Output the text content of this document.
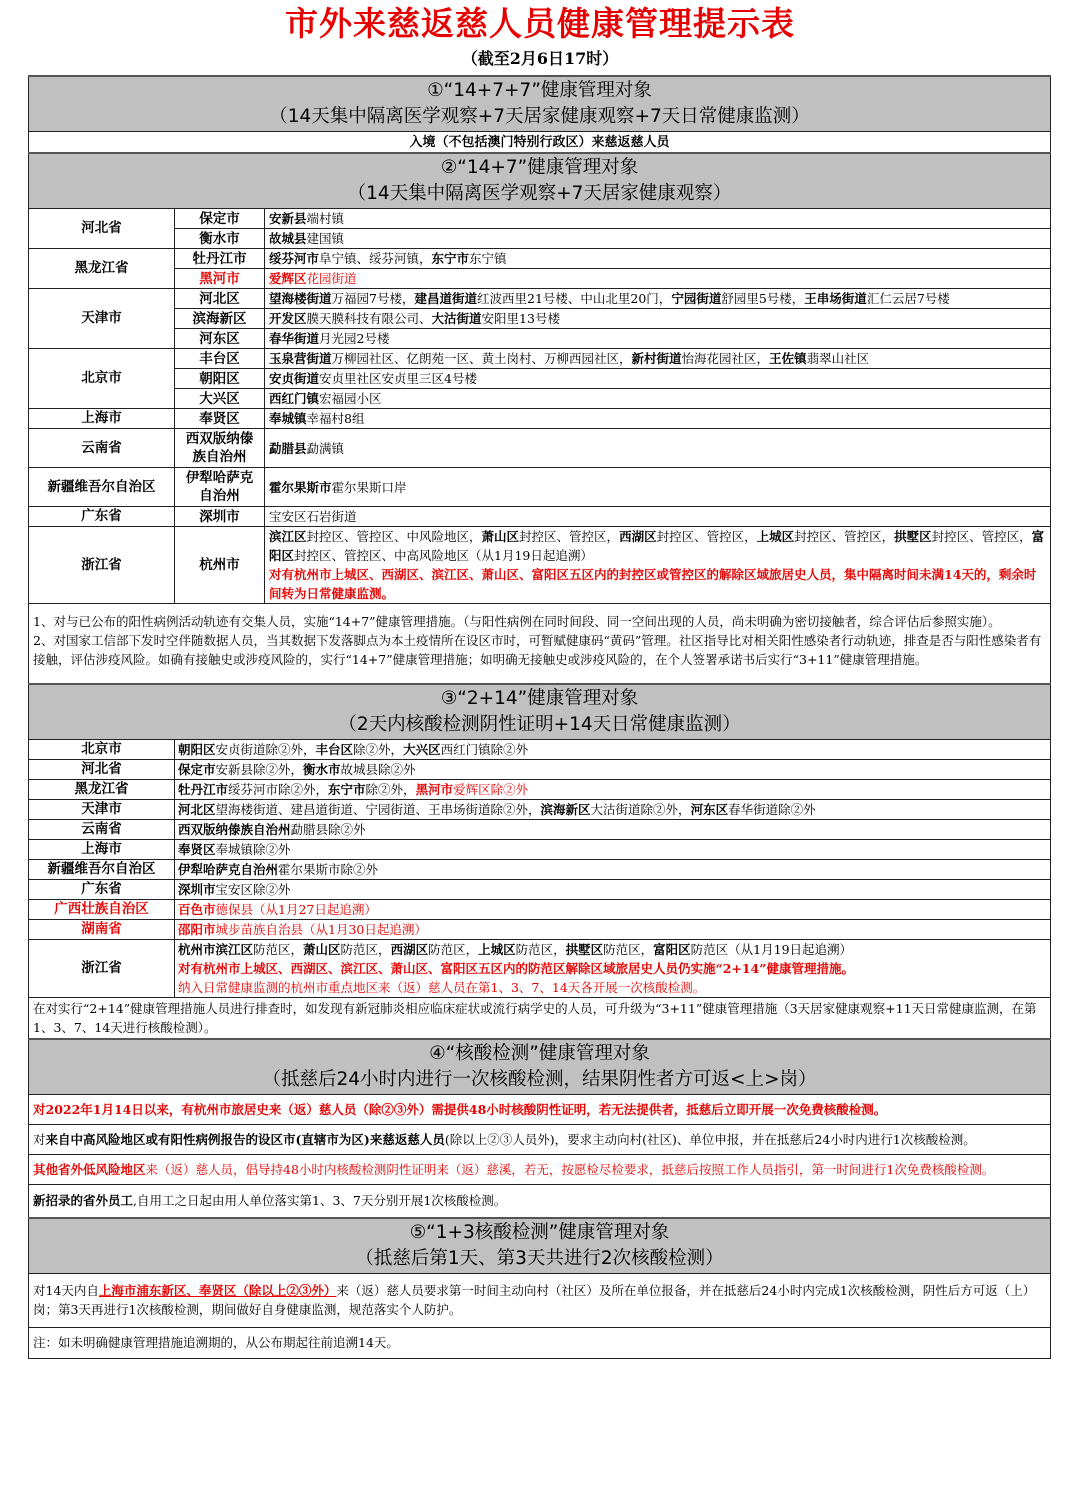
市外来慈返慈人员健康管理提示表
（截至2月6日17时）
①“14+7+7”健康管理对象
（14天集中隔离医学观察+7天居家健康观察+7天日常健康监测）		

入境（不包括澳门特别行政区）来慈返慈人员		

②“14+7”健康管理对象
（14天集中隔离医学观察+7天居家健康观察）		

河北省	保定市	安新县端村镇
	衡水市	故城县建国镇
黑龙江省	牡丹江市	绥芬河市阜宁镇、绥芬河镇，东宁市东宁镇
	黑河市	爱辉区花园街道
天津市	河北区	望海楼街道万福园7号楼，建昌道街道红波西里21号楼、中山北里20门，宁园街道舒园里5号楼，王串场街道汇仁云居7号楼
	滨海新区	开发区膜天膜科技有限公司、大沽街道安阳里13号楼
	河东区	春华街道月光园2号楼
北京市	丰台区	玉泉营街道万柳园社区、亿朗苑一区、黄土岗村、万柳西园社区，新村街道怡海花园社区，王佐镇翡翠山社区
	朝阳区	安贞街道安贞里社区安贞里三区4号楼
	大兴区	西红门镇宏福园小区
上海市	奉贤区	奉城镇幸福村8组
云南省	西双版纳傣族自治州	勐腊县勐满镇
新疆维吾尔自治区	伊犁哈萨克自治州	霍尔果斯市霍尔果斯口岸
广东省	深圳市	宝安区石岩街道
浙江省	杭州市	滨江区封控区、管控区、中风险地区，萧山区封控区、管控区，西湖区封控区、管控区，上城区封控区、管控区，拱墅区封控区、管控区，富阳区封控区、管控区、中高风险地区（从1月19日起追溯）
对有杭州市上城区、西湖区、滨江区、萧山区、富阳区五区内的封控区或管控区的解除区域旅居史人员，集中隔离时间未满14天的，剩余时间转为日常健康监测。

1、对与已公布的阳性病例活动轨迹有交集人员，实施“14+7”健康管理措施。（与阳性病例在同时间段、同一空间出现的人员，尚未明确为密切接触者，综合评估后参照实施）。
2、对国家工信部下发时空伴随数据人员，当其数据下发落脚点为本土疫情所在设区市时，可暂赋健康码“黄码”管理。社区指导比对相关阳性感染者行动轨迹，排查是否与阳性感染者有接触，评估涉疫风险。如确有接触史或涉疫风险的，实行“14+7”健康管理措施；如明确无接触史或涉疫风险的，在个人签署承诺书后实行“3+11”健康管理措施。		

③“2+14”健康管理对象
（2天内核酸检测阴性证明+14天日常健康监测）		

北京市	朝阳区安贞街道除②外，丰台区除②外，大兴区西红门镇除②外	
河北省	保定市安新县除②外，衡水市故城县除②外	
黑龙江省	牡丹江市绥芬河市除②外，东宁市除②外，黑河市爱辉区除②外	
天津市	河北区望海楼街道、建昌道街道、宁园街道、王串场街道除②外，滨海新区大沽街道除②外，河东区春华街道除②外	
云南省	西双版纳傣族自治州勐腊县除②外	
上海市	奉贤区奉城镇除②外	
新疆维吾尔自治区	伊犁哈萨克自治州霍尔果斯市除②外	
广东省	深圳市宝安区除②外	
广西壮族自治区	百色市德保县（从1月27日起追溯）	
湖南省	邵阳市城步苗族自治县（从1月30日起追溯）	
浙江省	杭州市滨江区防范区，萧山区防范区，西湖区防范区，上城区防范区，拱墅区防范区，富阳区防范区（从1月19日起追溯）
对有杭州市上城区、西湖区、滨江区、萧山区、富阳区五区内的防范区解除区域旅居史人员仍实施“2+14”健康管理措施。
纳入日常健康监测的杭州市重点地区来（返）慈人员在第1、3、7、14天各开展一次核酸检测。	

在对实行“2+14”健康管理措施人员进行排查时，如发现有新冠肺炎相应临床症状或流行病学史的人员，可升级为“3+11”健康管理措施（3天居家健康观察+11天日常健康监测，在第1、3、7、14天进行核酸检测）。		

④“核酸检测”健康管理对象
（抵慈后24小时内进行一次核酸检测，结果阴性者方可返<上>岗）		

对2022年1月14日以来，有杭州市旅居史来（返）慈人员（除②③外）需提供48小时核酸阴性证明，若无法提供者，抵慈后立即开展一次免费核酸检测。		
对来自中高风险地区或有阳性病例报告的设区市(直辖市为区)来慈返慈人员(除以上②③人员外)，要求主动向村(社区)、单位申报，并在抵慈后24小时内进行1次核酸检测。		
其他省外低风险地区来（返）慈人员，倡导持48小时内核酸检测阴性证明来（返）慈溪，若无，按愿检尽检要求，抵慈后按照工作人员指引，第一时间进行1次免费核酸检测。		
新招录的省外员工,自用工之日起由用人单位落实第1、3、7天分别开展1次核酸检测。		

⑤“1+3核酸检测”健康管理对象
（抵慈后第1天、第3天共进行2次核酸检测）		

对14天内自上海市浦东新区、奉贤区（除以上②③外）来（返）慈人员要求第一时间主动向村（社区）及所在单位报备，并在抵慈后24小时内完成1次核酸检测，阴性后方可返（上）岗；第3天再进行1次核酸检测，期间做好自身健康监测，规范落实个人防护。		
注：如未明确健康管理措施追溯期的，从公布期起往前追溯14天。		
